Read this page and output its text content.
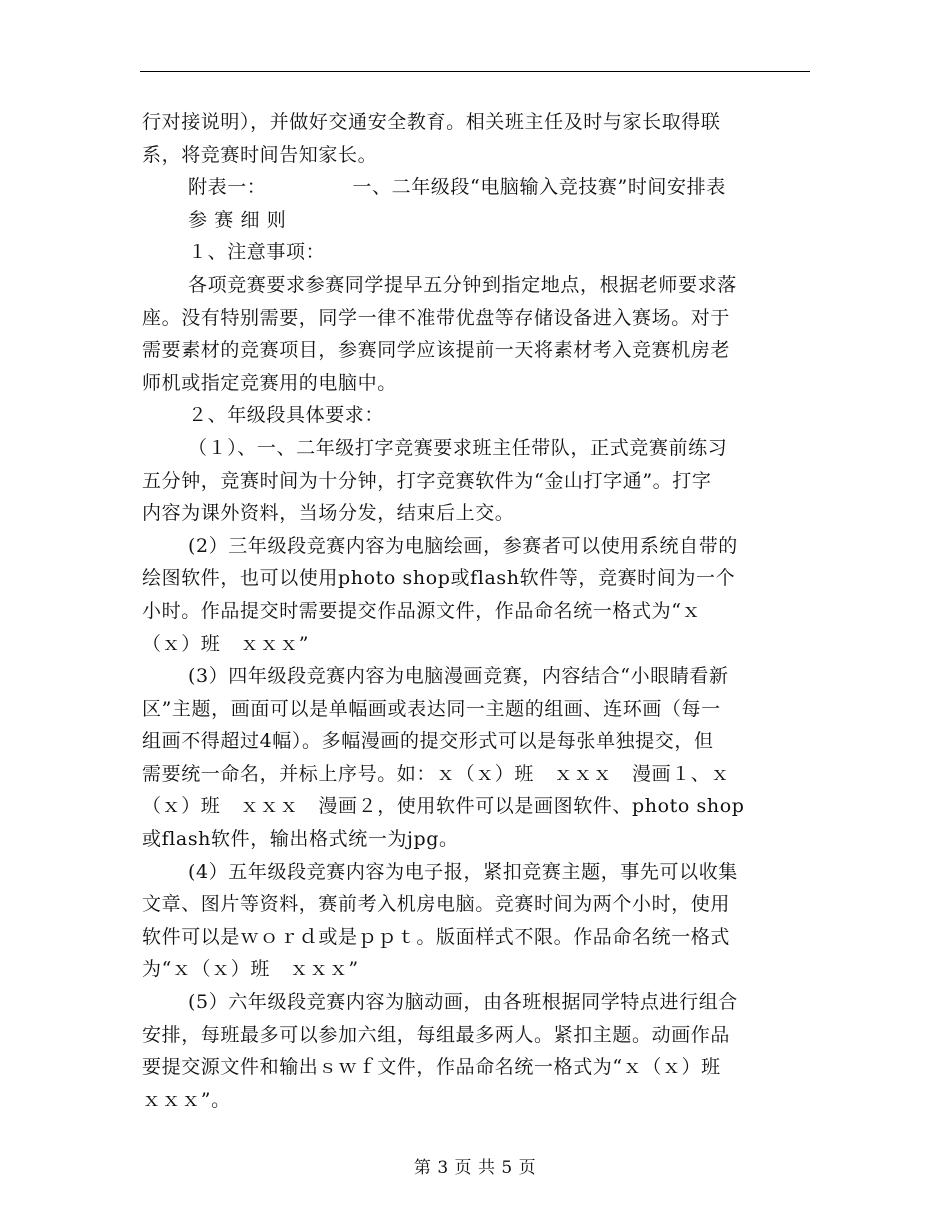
行对接说明），并做好交通安全教育。相关班主任及时与家长取得联

系，将竞赛时间告知家长。

附表一：	一、二年级段“电脑输入竞技赛”时间安排表

参 赛 细 则

１、注意事项：

各项竞赛要求参赛同学提早五分钟到指定地点，根据老师要求落

座。没有特别需要，同学一律不准带优盘等存储设备进入赛场。对于

需要素材的竞赛项目，参赛同学应该提前一天将素材考入竞赛机房老

师机或指定竞赛用的电脑中。

２、年级段具体要求：

（１）、一、二年级打字竞赛要求班主任带队，正式竞赛前练习

五分钟，竞赛时间为十分钟，打字竞赛软件为“金山打字通”。打字

内容为课外资料，当场分发，结束后上交。

(2）三年级段竞赛内容为电脑绘画，参赛者可以使用系统自带的

绘图软件，也可以使用photo shop或flash软件等，竞赛时间为一个

小时。作品提交时需要提交作品源文件，作品命名统一格式为“ｘ

（ｘ）班　ｘｘｘ”

(3）四年级段竞赛内容为电脑漫画竞赛，内容结合“小眼睛看新

区”主题，画面可以是单幅画或表达同一主题的组画、连环画（每一

组画不得超过4幅）。多幅漫画的提交形式可以是每张单独提交，但

需要统一命名，并标上序号。如：ｘ（ｘ）班　ｘｘｘ　漫画１、ｘ

（ｘ）班　ｘｘｘ　漫画２，使用软件可以是画图软件、photo shop

或flash软件，输出格式统一为jpg。

(4）五年级段竞赛内容为电子报，紧扣竞赛主题，事先可以收集

文章、图片等资料，赛前考入机房电脑。竞赛时间为两个小时，使用

软件可以是ｗｏｒｄ或是ｐｐｔ。版面样式不限。作品命名统一格式

为“ｘ（ｘ）班　ｘｘｘ”

(5）六年级段竞赛内容为脑动画，由各班根据同学特点进行组合

安排，每班最多可以参加六组，每组最多两人。紧扣主题。动画作品

要提交源文件和输出ｓｗｆ文件，作品命名统一格式为“ｘ（ｘ）班

ｘｘｘ”。

第 3 页 共 5 页
